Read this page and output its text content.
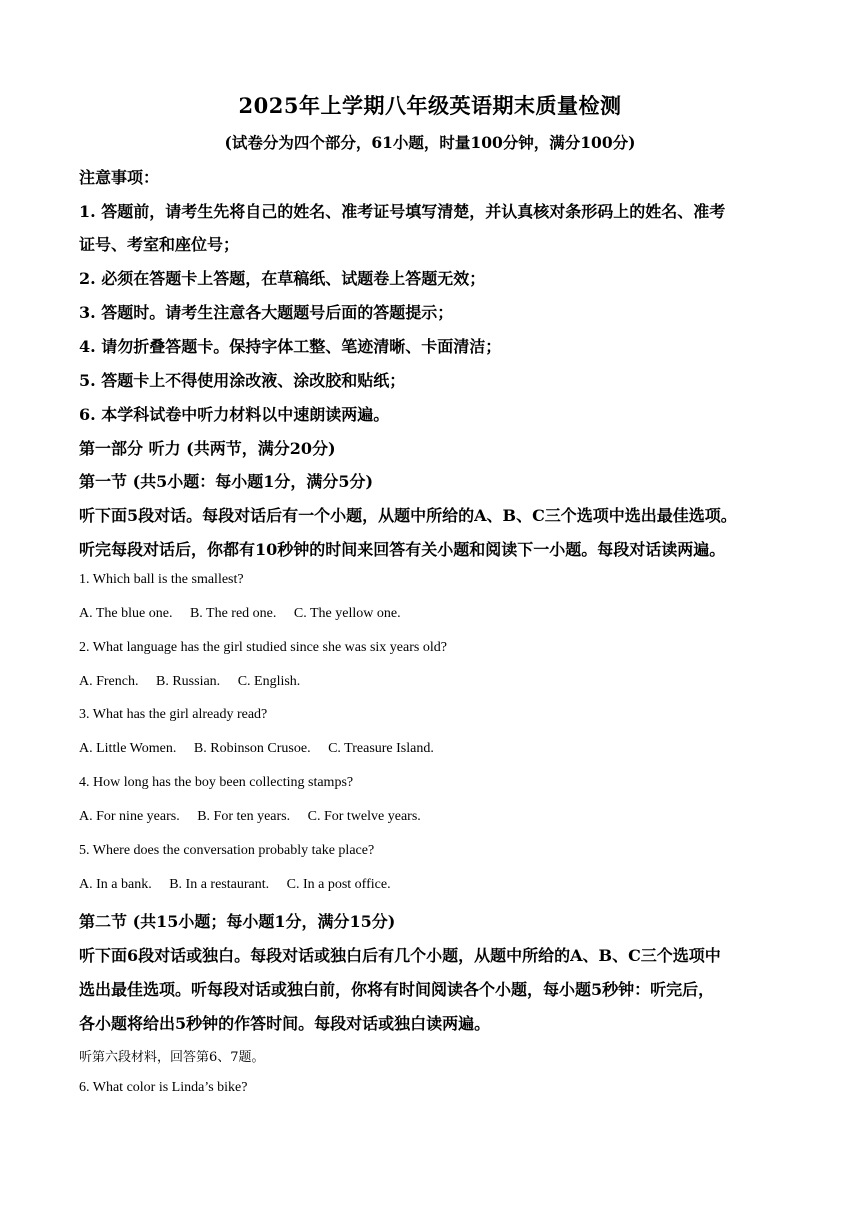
2025年上学期八年级英语期末质量检测
(试卷分为四个部分，61小题，时量100分钟，满分100分)
注意事项：
1. 答题前，请考生先将自己的姓名、准考证号填写清楚，并认真核对条形码上的姓名、准考
证号、考室和座位号；
2. 必须在答题卡上答题，在草稿纸、试题卷上答题无效；
3. 答题时。请考生注意各大题题号后面的答题提示；
4. 请勿折叠答题卡。保持字体工整、笔迹清晰、卡面清洁；
5. 答题卡上不得使用涂改液、涂改胶和贴纸；
6. 本学科试卷中听力材料以中速朗读两遍。
第一部分 听力 (共两节，满分20分)
第一节 (共5小题：每小题1分，满分5分)
听下面5段对话。每段对话后有一个小题，从题中所给的A、B、C三个选项中选出最佳选项。
听完每段对话后，你都有10秒钟的时间来回答有关小题和阅读下一小题。每段对话读两遍。
1. Which ball is the smallest?
A. The blue one. B. The red one. C. The yellow one.
2. What language has the girl studied since she was six years old?
A. French. B. Russian. C. English.
3. What has the girl already read?
A. Little Women. B. Robinson Crusoe. C. Treasure Island.
4. How long has the boy been collecting stamps?
A. For nine years. B. For ten years. C. For twelve years.
5. Where does the conversation probably take place?
A. In a bank. B. In a restaurant. C. In a post office.
第二节 (共15小题；每小题1分，满分15分)
听下面6段对话或独白。每段对话或独白后有几个小题，从题中所给的A、B、C三个选项中
选出最佳选项。听每段对话或独白前，你将有时间阅读各个小题，每小题5秒钟：听完后，
各小题将给出5秒钟的作答时间。每段对话或独白读两遍。
听第六段材料，回答第6、7题。
6. What color is Linda’s bike?
